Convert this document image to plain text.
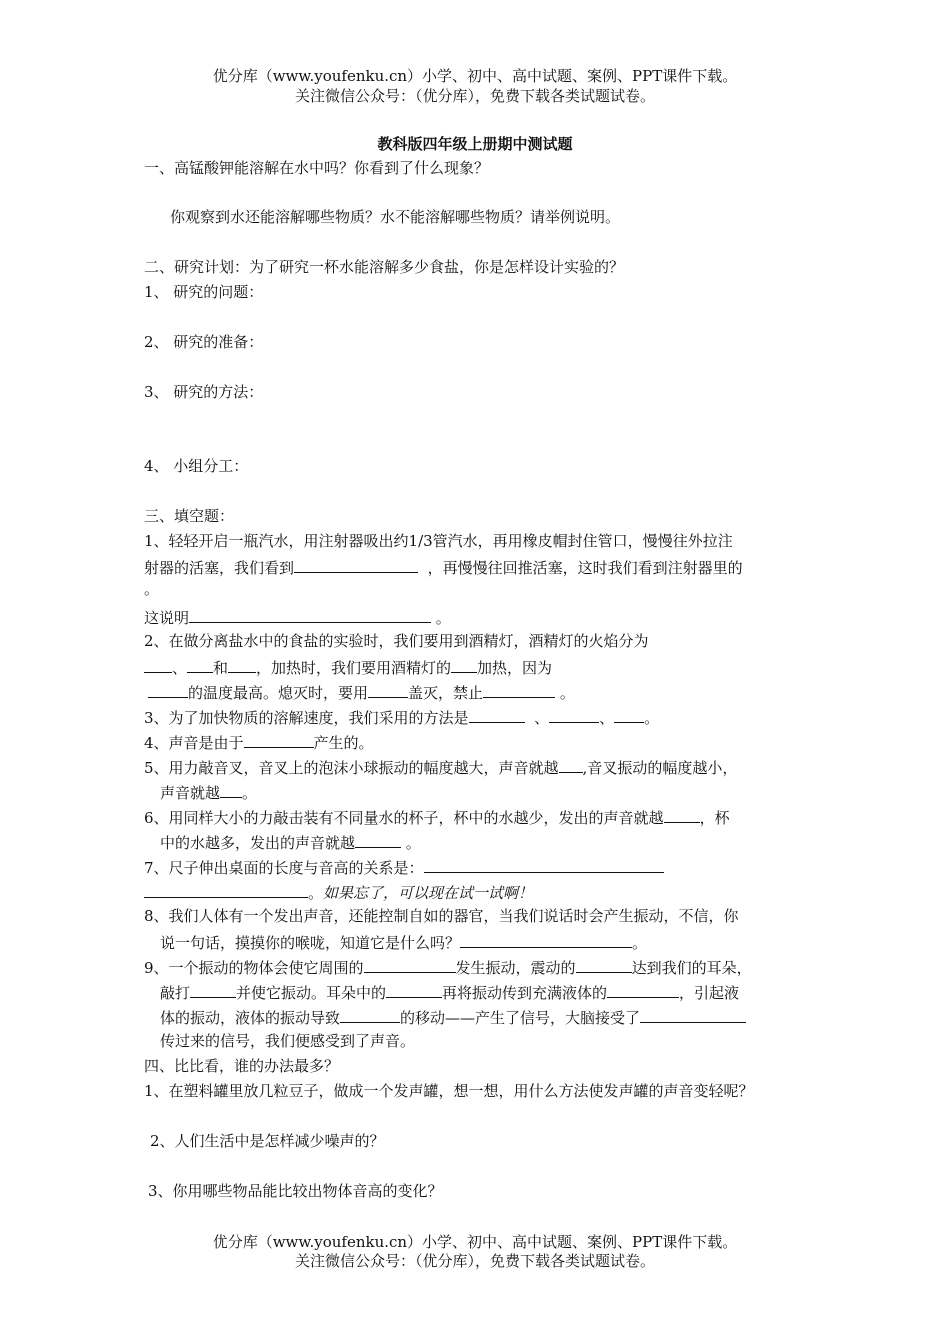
优分库（www.youfenku.cn）小学、初中、高中试题、案例、PPT课件下载。
关注微信公众号：（优分库），免费下载各类试题试卷。
教科版四年级上册期中测试题
一、高锰酸钾能溶解在水中吗？你看到了什么现象？
你观察到水还能溶解哪些物质？水不能溶解哪些物质？请举例说明。
二、研究计划：为了研究一杯水能溶解多少食盐，你是怎样设计实验的？
1、 研究的问题：
2、 研究的准备：
3、 研究的方法：
4、 小组分工：
三、填空题：
1、轻轻开启一瓶汽水，用注射器吸出约1/3管汽水，再用橡皮帽封住管口，慢慢往外拉注
射器的活塞，我们看到	，再慢慢往回推活塞，这时我们看到注射器里的
。
这说明	。
2、在做分离盐水中的食盐的实验时，我们要用到酒精灯，酒精灯的火焰分为
、 和 ，加热时，我们要用酒精灯的 加热，因为
的温度最高。熄灭时，要用	盖灭，禁止	。
3、为了加快物质的溶解速度，我们采用的方法是	、	、 。
4、声音是由于	产生的。
5、用力敲音叉，音叉上的泡沫小球振动的幅度越大，声音就越 ,音叉振动的幅度越小，
声音就越 。
6、用同样大小的力敲击装有不同量水的杯子，杯中的水越少，发出的声音就越 ，杯
中的水越多，发出的声音就越	。
7、尺子伸出桌面的长度与音高的关系是：
。如果忘了，可以现在试一试啊！
8、我们人体有一个发出声音，还能控制自如的器官，当我们说话时会产生振动，不信，你
说一句话，摸摸你的喉咙，知道它是什么吗？	。
9、一个振动的物体会使它周围的	发生振动，震动的	达到我们的耳朵，
敲打	并使它振动。耳朵中的	再将振动传到充满液体的	，引起液
体的振动，液体的振动导致	的移动——产生了信号，大脑接受了
传过来的信号，我们便感受到了声音。
四、比比看，谁的办法最多？
1、在塑料罐里放几粒豆子，做成一个发声罐，想一想，用什么方法使发声罐的声音变轻呢？
2、人们生活中是怎样减少噪声的？
3、你用哪些物品能比较出物体音高的变化？
优分库（www.youfenku.cn）小学、初中、高中试题、案例、PPT课件下载。
关注微信公众号：（优分库），免费下载各类试题试卷。
